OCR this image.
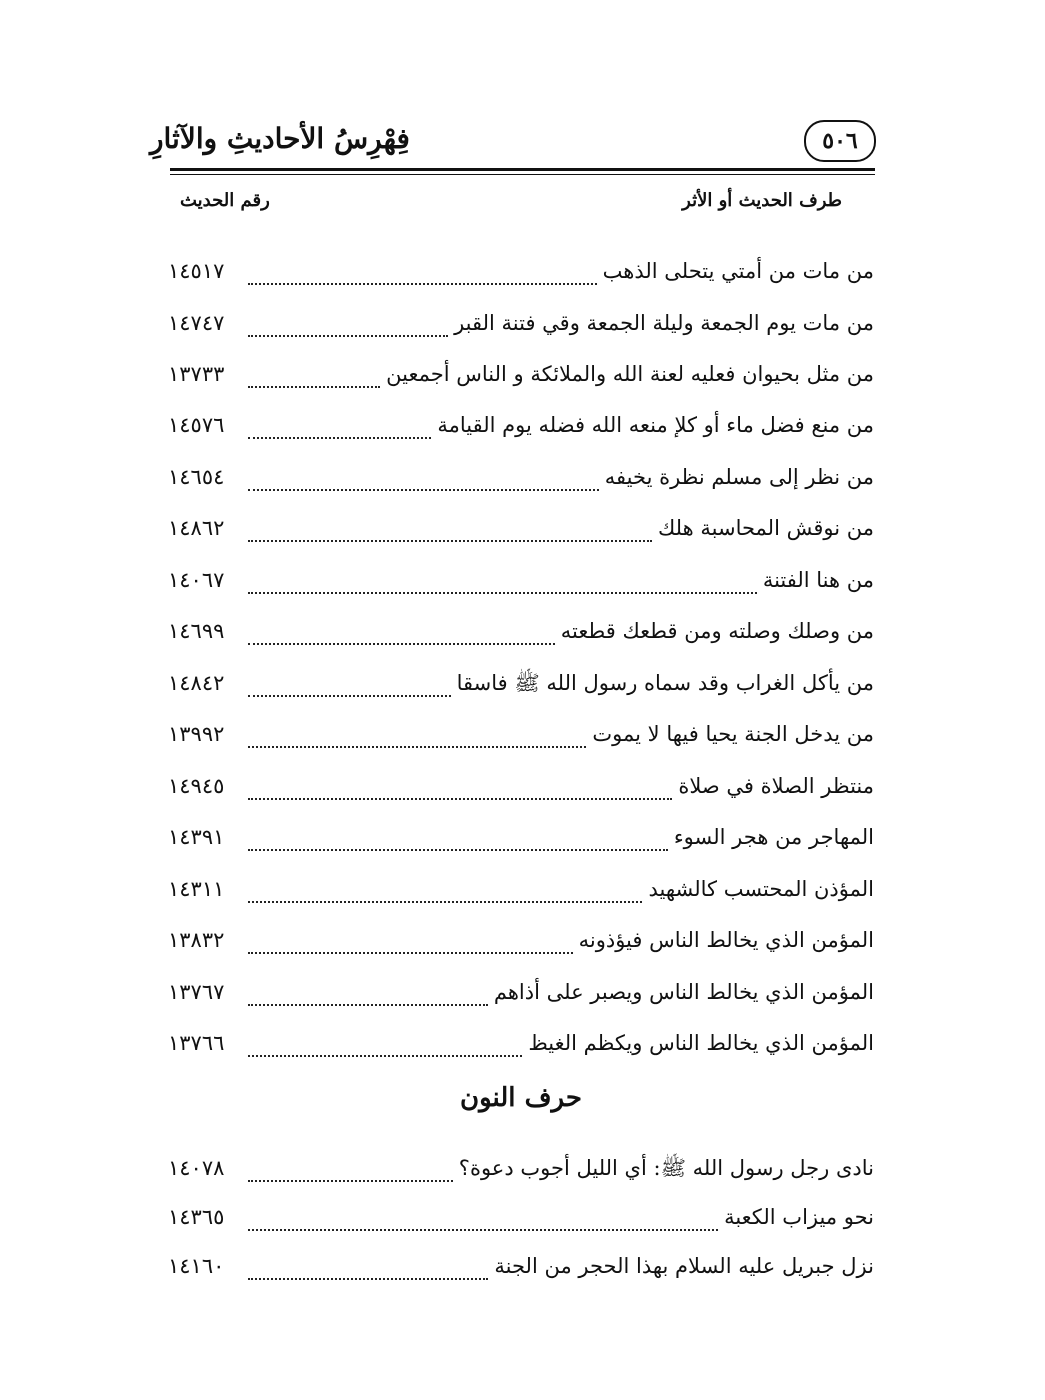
٥٠٦
فِهْرِسُ الأحاديثِ والآثارِ
طرف الحديث أو الأثر
رقم الحديث
من مات من أمتي يتحلى الذهب
١٤٥١٧
من مات يوم الجمعة وليلة الجمعة وقي فتنة القبر
١٤٧٤٧
من مثل بحيوان فعليه لعنة الله والملائكة و الناس أجمعين
١٣٧٣٣
من منع فضل ماء أو كلإ منعه الله فضله يوم القيامة
١٤٥٧٦
من نظر إلى مسلم نظرة يخيفه
١٤٦٥٤
من نوقش المحاسبة هلك
١٤٨٦٢
من هنا الفتنة
١٤٠٦٧
من وصلك وصلته ومن قطعك قطعته
١٤٦٩٩
من يأكل الغراب وقد سماه رسول الله ﷺ فاسقا
١٤٨٤٢
من يدخل الجنة يحيا فيها لا يموت
١٣٩٩٢
منتظر الصلاة في صلاة
١٤٩٤٥
المهاجر من هجر السوء
١٤٣٩١
المؤذن المحتسب كالشهيد
١٤٣١١
المؤمن الذي يخالط الناس فيؤذونه
١٣٨٣٢
المؤمن الذي يخالط الناس ويصبر على أذاهم
١٣٧٦٧
المؤمن الذي يخالط الناس ويكظم الغيظ
١٣٧٦٦
نادى رجل رسول الله ﷺ: أي الليل أجوب دعوة؟
١٤٠٧٨
نحو ميزاب الكعبة
١٤٣٦٥
نزل جبريل عليه السلام بهذا الحجر من الجنة
١٤١٦٠
حرف النون
